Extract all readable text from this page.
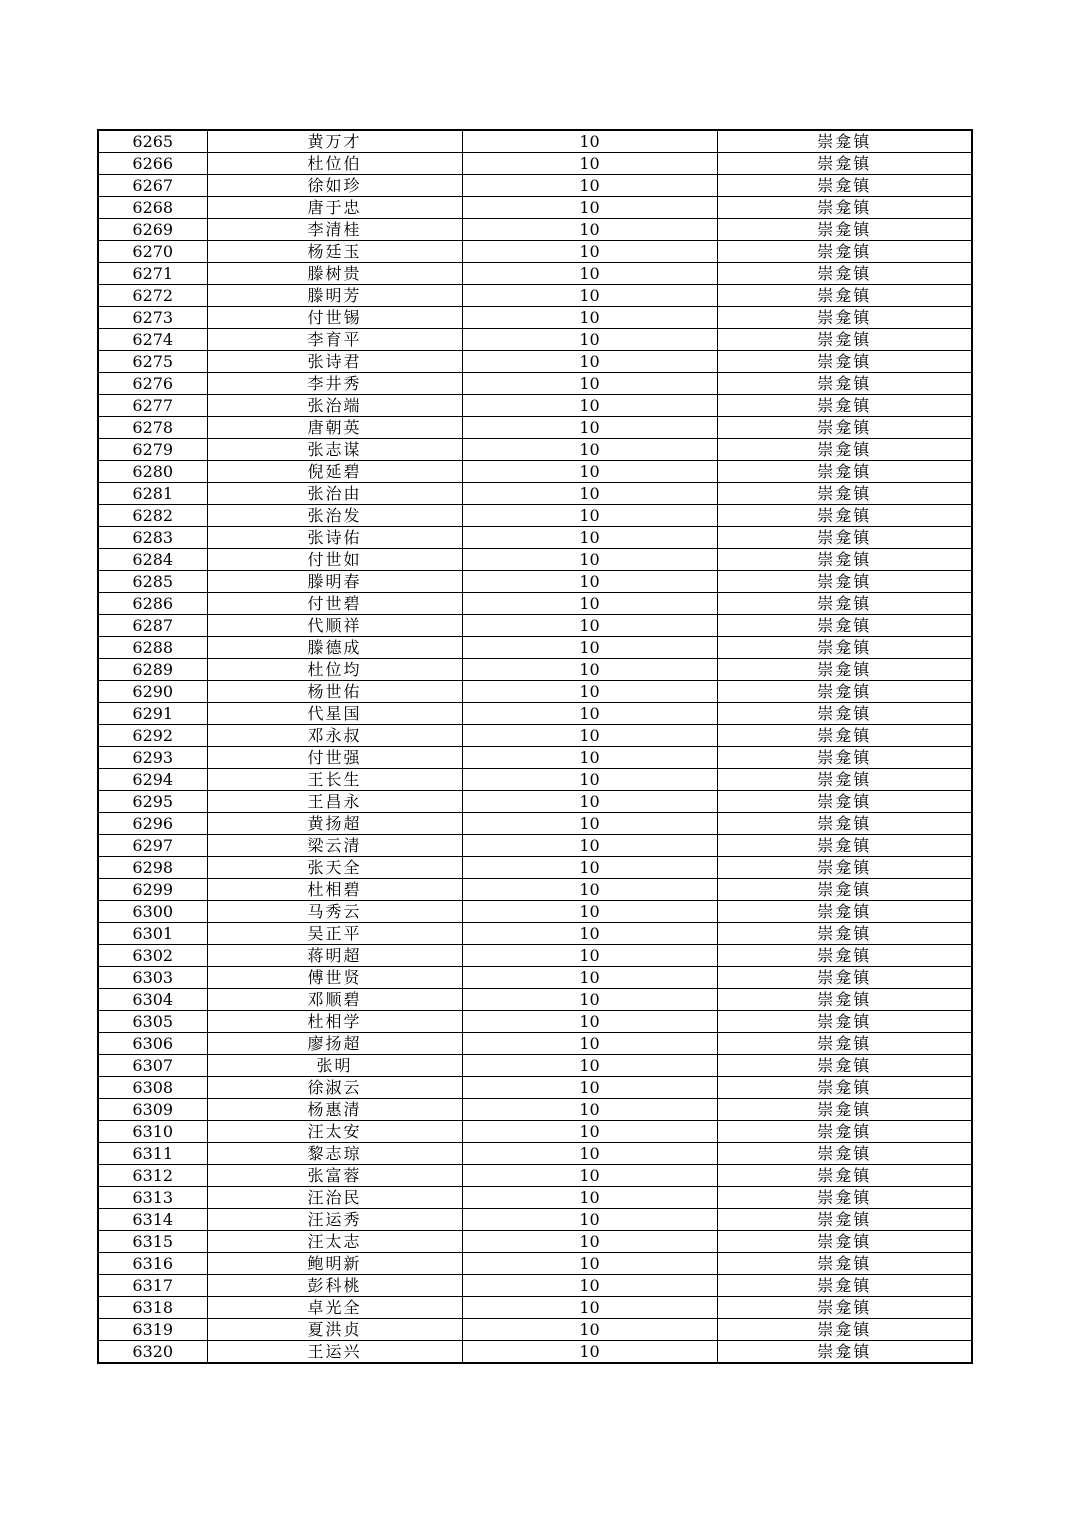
6265	黄万才	10	崇龛镇
6266	杜位伯	10	崇龛镇
6267	徐如珍	10	崇龛镇
6268	唐于忠	10	崇龛镇
6269	李清桂	10	崇龛镇
6270	杨廷玉	10	崇龛镇
6271	滕树贵	10	崇龛镇
6272	滕明芳	10	崇龛镇
6273	付世锡	10	崇龛镇
6274	李育平	10	崇龛镇
6275	张诗君	10	崇龛镇
6276	李井秀	10	崇龛镇
6277	张治端	10	崇龛镇
6278	唐朝英	10	崇龛镇
6279	张志谋	10	崇龛镇
6280	倪延碧	10	崇龛镇
6281	张治由	10	崇龛镇
6282	张治发	10	崇龛镇
6283	张诗佑	10	崇龛镇
6284	付世如	10	崇龛镇
6285	滕明春	10	崇龛镇
6286	付世碧	10	崇龛镇
6287	代顺祥	10	崇龛镇
6288	滕德成	10	崇龛镇
6289	杜位均	10	崇龛镇
6290	杨世佑	10	崇龛镇
6291	代星国	10	崇龛镇
6292	邓永叔	10	崇龛镇
6293	付世强	10	崇龛镇
6294	王长生	10	崇龛镇
6295	王昌永	10	崇龛镇
6296	黄扬超	10	崇龛镇
6297	梁云清	10	崇龛镇
6298	张天全	10	崇龛镇
6299	杜相碧	10	崇龛镇
6300	马秀云	10	崇龛镇
6301	吴正平	10	崇龛镇
6302	蒋明超	10	崇龛镇
6303	傅世贤	10	崇龛镇
6304	邓顺碧	10	崇龛镇
6305	杜相学	10	崇龛镇
6306	廖扬超	10	崇龛镇
6307	张明	10	崇龛镇
6308	徐淑云	10	崇龛镇
6309	杨惠清	10	崇龛镇
6310	汪太安	10	崇龛镇
6311	黎志琼	10	崇龛镇
6312	张富蓉	10	崇龛镇
6313	汪治民	10	崇龛镇
6314	汪运秀	10	崇龛镇
6315	汪太志	10	崇龛镇
6316	鲍明新	10	崇龛镇
6317	彭科桃	10	崇龛镇
6318	卓光全	10	崇龛镇
6319	夏洪贞	10	崇龛镇
6320	王运兴	10	崇龛镇
